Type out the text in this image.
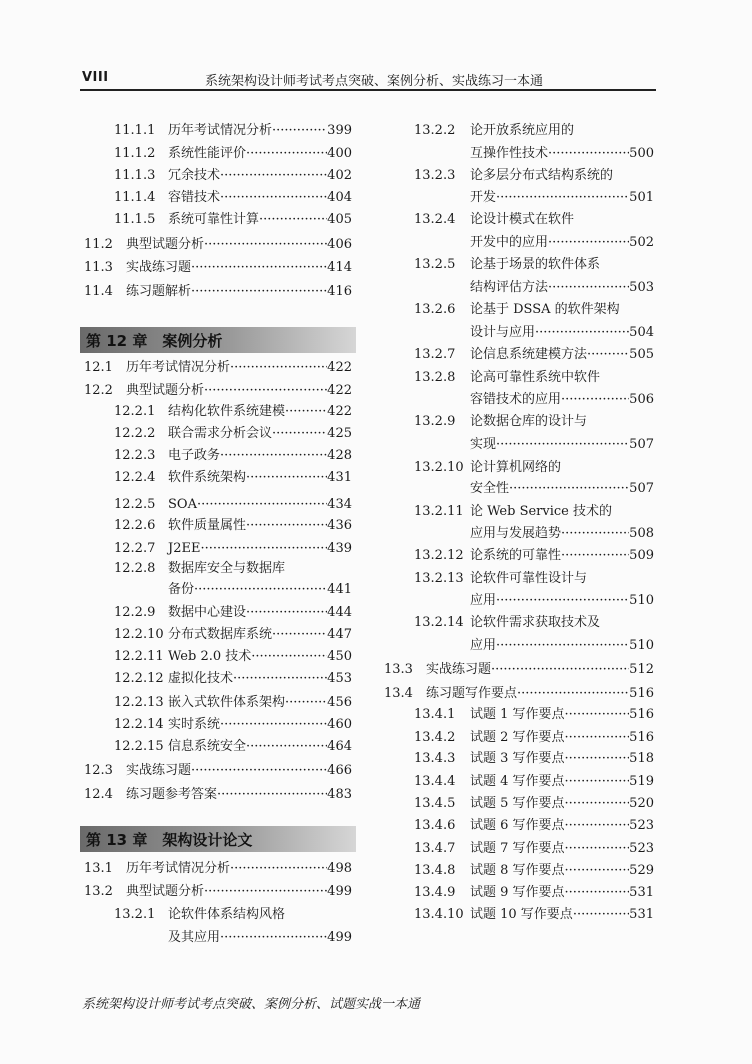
VIII	系统架构设计师考试考点突破、案例分析、实战练习一本通
11.1.1 历年考试情况分析 ·····	399
11.1.2 系统性能评价 ·····	400
11.1.3 冗余技术 ·····	402
11.1.4 容错技术 ·····	404
11.1.5 系统可靠性计算 ·····	405
11.2	典型试题分析 ·····	406
11.3	实战练习题 ·····	414
11.4	练习题解析 ·····	416
12.1	历年考试情况分析 ·····	422
12.2	典型试题分析 ·····	422
12.2.1 结构化软件系统建模 ·····	422
12.2.2 联合需求分析会议 ·····	425
12.2.3 电子政务 ·····	428
12.2.4 软件系统架构 ·····	431
12.2.5 SOA ·····	434
12.2.6 软件质量属性 ·····	436
12.2.7 J2EE ·····	439
12.2.8 数据库安全与数据库
备份 ·····	441
12.2.9 数据中心建设 ·····	444
12.2.10 分布式数据库系统 ·····	447
12.2.11 Web 2.0 技术 ·····	450
12.2.12 虚拟化技术 ·····	453
12.2.13 嵌入式软件体系架构 ·····	456
12.2.14 实时系统 ·····	460
12.2.15 信息系统安全 ·····	464
12.3	实战练习题 ·····	466
12.4	练习题参考答案 ·····	483
13.1	历年考试情况分析 ·····	498
13.2	典型试题分析 ·····	499
13.2.1 论软件体系结构风格
及其应用 ·····	499
13.2.2	论开放系统应用的
互操作性技术 ·····	500
13.2.3	论多层分布式结构系统的
开发 ·····	501
13.2.4	论设计模式在软件
开发中的应用 ·····	502
13.2.5	论基于场景的软件体系
结构评估方法 ·····	503
13.2.6	论基于 DSSA 的软件架构
设计与应用 ·····	504
13.2.7	论信息系统建模方法 ·····	505
13.2.8	论高可靠性系统中软件
容错技术的应用 ·····	506
13.2.9	论数据仓库的设计与
实现 ·····	507
13.2.10 论计算机网络的
安全性 ·····	507
13.2.11 论 Web Service 技术的
应用与发展趋势 ·····	508
13.2.12 论系统的可靠性 ·····	509
13.2.13 论软件可靠性设计与
应用 ·····	510
13.2.14 论软件需求获取技术及
应用 ·····	510
13.3	实战练习题 ·····	512
13.4	练习题写作要点 ·····	516
13.4.1	试题 1 写作要点 ·····	516
13.4.2	试题 2 写作要点 ·····	516
13.4.3	试题 3 写作要点 ·····	518
13.4.4	试题 4 写作要点 ·····	519
13.4.5	试题 5 写作要点 ·····	520
13.4.6	试题 6 写作要点 ·····	523
13.4.7	试题 7 写作要点 ·····	523
13.4.8	试题 8 写作要点 ·····	529
13.4.9	试题 9 写作要点 ·····	531
13.4.10 试题 10 写作要点 ·····	531
第 12 章　案例分析
第 13 章　架构设计论文
系统架构设计师考试考点突破、案例分析、试题实战一本通
